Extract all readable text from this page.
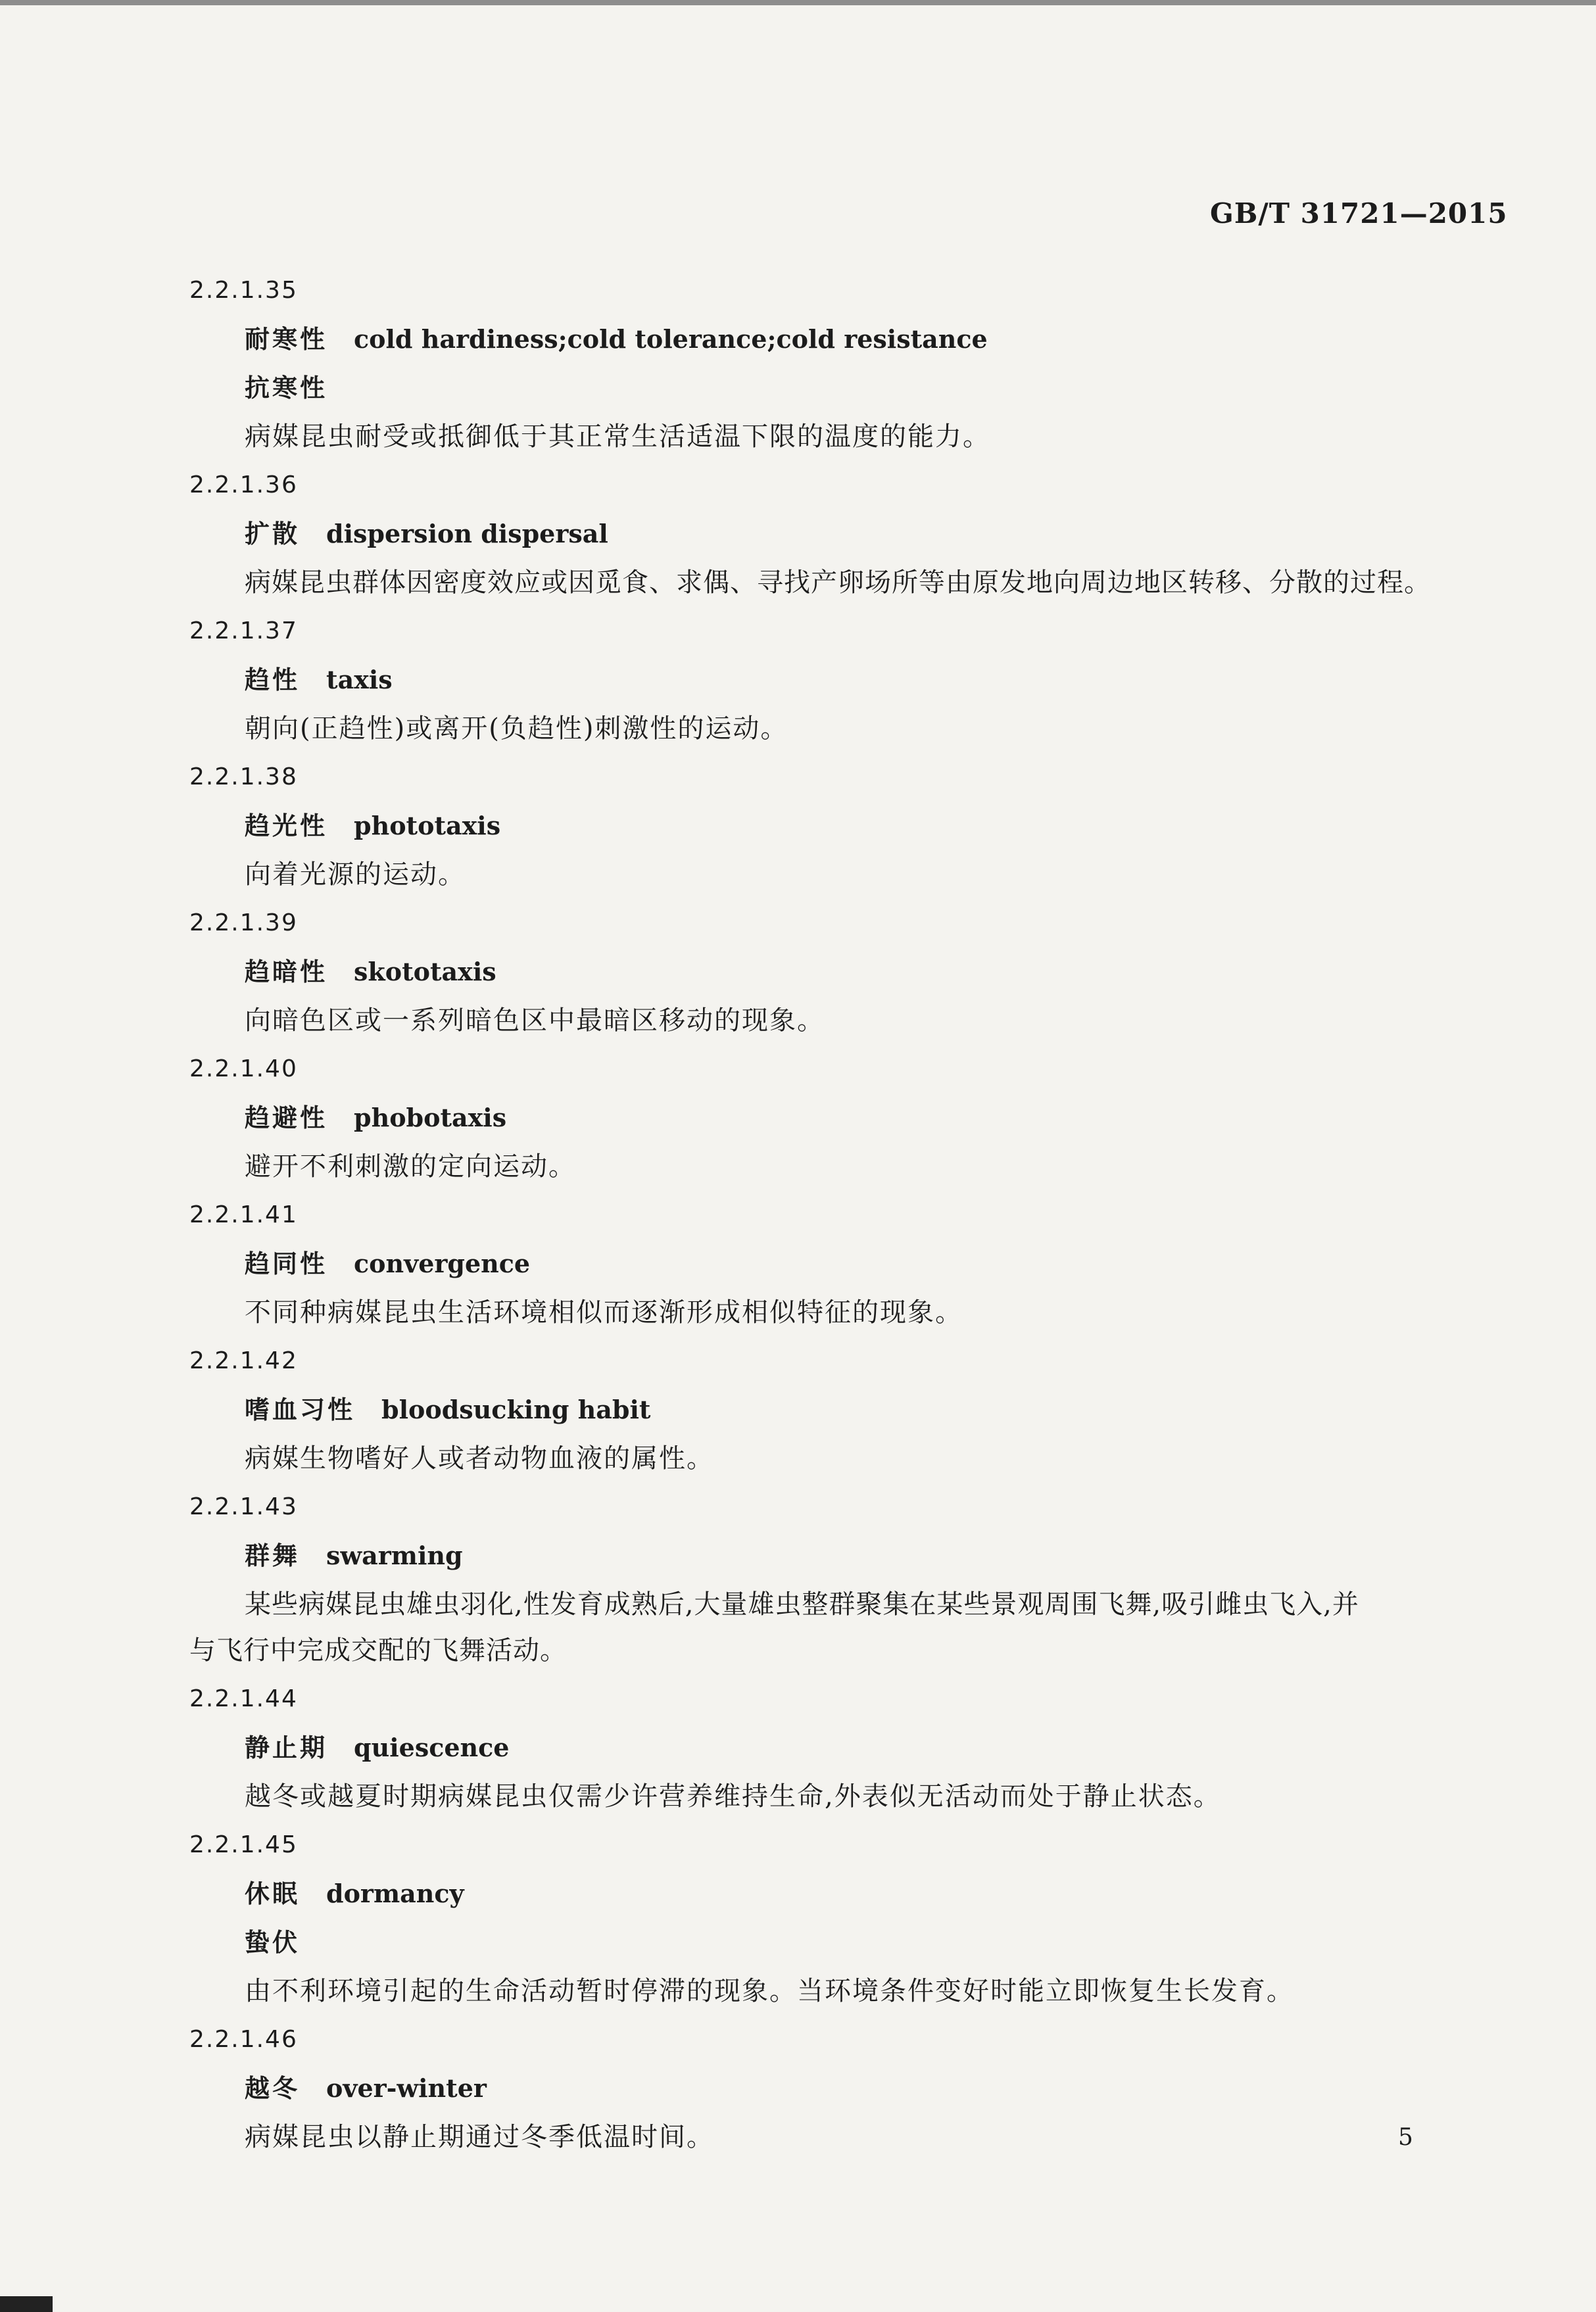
GB/T 31721—2015
2.2.1.35
耐寒性 cold hardiness;cold tolerance;cold resistance
抗寒性
病媒昆虫耐受或抵御低于其正常生活适温下限的温度的能力。
2.2.1.36
扩散 dispersion dispersal
病媒昆虫群体因密度效应或因觅食、求偶、寻找产卵场所等由原发地向周边地区转移、分散的过程。
2.2.1.37
趋性 taxis
朝向(正趋性)或离开(负趋性)刺激性的运动。
2.2.1.38
趋光性 phototaxis
向着光源的运动。
2.2.1.39
趋暗性 skototaxis
向暗色区或一系列暗色区中最暗区移动的现象。
2.2.1.40
趋避性 phobotaxis
避开不利刺激的定向运动。
2.2.1.41
趋同性 convergence
不同种病媒昆虫生活环境相似而逐渐形成相似特征的现象。
2.2.1.42
嗜血习性 bloodsucking habit
病媒生物嗜好人或者动物血液的属性。
2.2.1.43
群舞 swarming
某些病媒昆虫雄虫羽化,性发育成熟后,大量雄虫整群聚集在某些景观周围飞舞,吸引雌虫飞入,并
与飞行中完成交配的飞舞活动。
2.2.1.44
静止期 quiescence
越冬或越夏时期病媒昆虫仅需少许营养维持生命,外表似无活动而处于静止状态。
2.2.1.45
休眠 dormancy
蛰伏
由不利环境引起的生命活动暂时停滞的现象。当环境条件变好时能立即恢复生长发育。
2.2.1.46
越冬 over-winter
病媒昆虫以静止期通过冬季低温时间。	5
